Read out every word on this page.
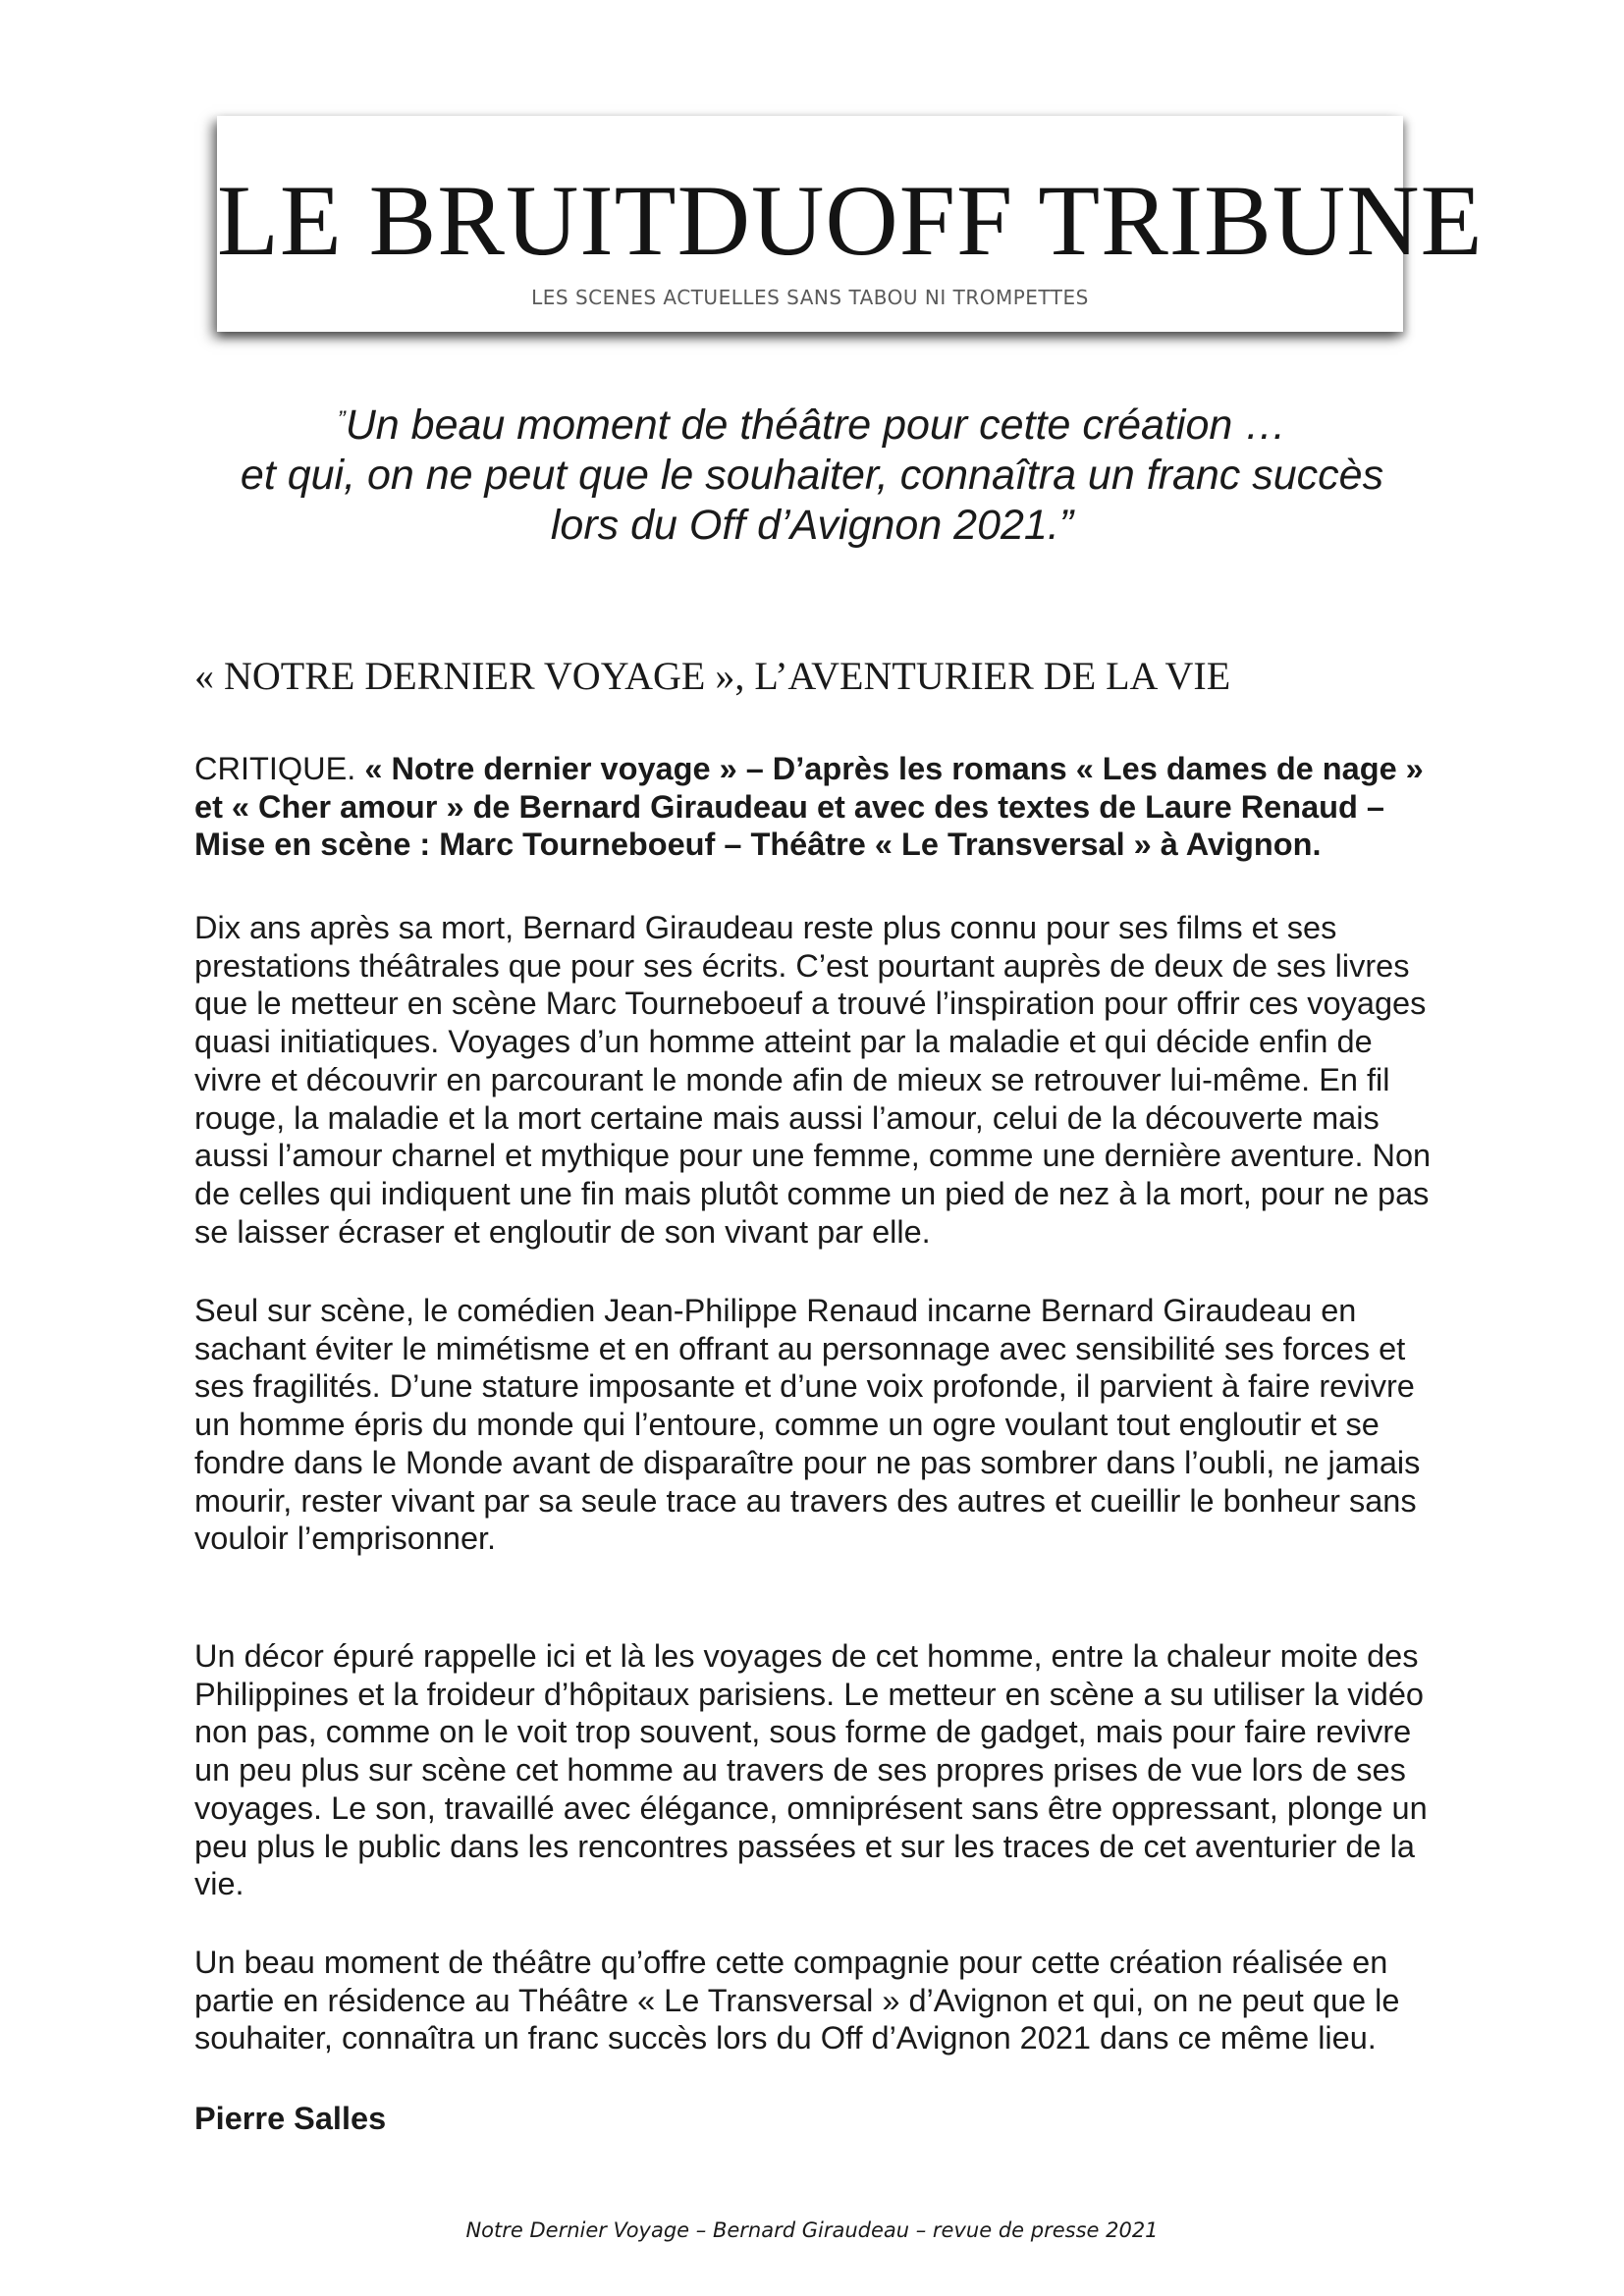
LE BRUITDUOFF TRIBUNE
LES SCENES ACTUELLES SANS TABOU NI TROMPETTES
”Un beau moment de théâtre pour cette création …
et qui, on ne peut que le souhaiter, connaîtra un franc succès
lors du Off d’Avignon 2021.”
« NOTRE DERNIER VOYAGE », L’AVENTURIER DE LA VIE
CRITIQUE. « Notre dernier voyage » – D’après les romans « Les dames de nage »
et « Cher amour » de Bernard Giraudeau et avec des textes de Laure Renaud –
Mise en scène : Marc Tourneboeuf – Théâtre « Le Transversal » à Avignon.
Dix ans après sa mort, Bernard Giraudeau reste plus connu pour ses films et ses
prestations théâtrales que pour ses écrits. C’est pourtant auprès de deux de ses livres
que le metteur en scène Marc Tourneboeuf a trouvé l’inspiration pour offrir ces voyages
quasi initiatiques. Voyages d’un homme atteint par la maladie et qui décide enfin de
vivre et découvrir en parcourant le monde afin de mieux se retrouver lui-même. En fil
rouge, la maladie et la mort certaine mais aussi l’amour, celui de la découverte mais
aussi l’amour charnel et mythique pour une femme, comme une dernière aventure. Non
de celles qui indiquent une fin mais plutôt comme un pied de nez à la mort, pour ne pas
se laisser écraser et engloutir de son vivant par elle.
Seul sur scène, le comédien Jean-Philippe Renaud incarne Bernard Giraudeau en
sachant éviter le mimétisme et en offrant au personnage avec sensibilité ses forces et
ses fragilités. D’une stature imposante et d’une voix profonde, il parvient à faire revivre
un homme épris du monde qui l’entoure, comme un ogre voulant tout engloutir et se
fondre dans le Monde avant de disparaître pour ne pas sombrer dans l’oubli, ne jamais
mourir, rester vivant par sa seule trace au travers des autres et cueillir le bonheur sans
vouloir l’emprisonner.
Un décor épuré rappelle ici et là les voyages de cet homme, entre la chaleur moite des
Philippines et la froideur d’hôpitaux parisiens. Le metteur en scène a su utiliser la vidéo
non pas, comme on le voit trop souvent, sous forme de gadget, mais pour faire revivre
un peu plus sur scène cet homme au travers de ses propres prises de vue lors de ses
voyages. Le son, travaillé avec élégance, omniprésent sans être oppressant, plonge un
peu plus le public dans les rencontres passées et sur les traces de cet aventurier de la
vie.
Un beau moment de théâtre qu’offre cette compagnie pour cette création réalisée en
partie en résidence au Théâtre « Le Transversal » d’Avignon et qui, on ne peut que le
souhaiter, connaîtra un franc succès lors du Off d’Avignon 2021 dans ce même lieu.
Pierre Salles
Notre Dernier Voyage – Bernard Giraudeau – revue de presse 2021
